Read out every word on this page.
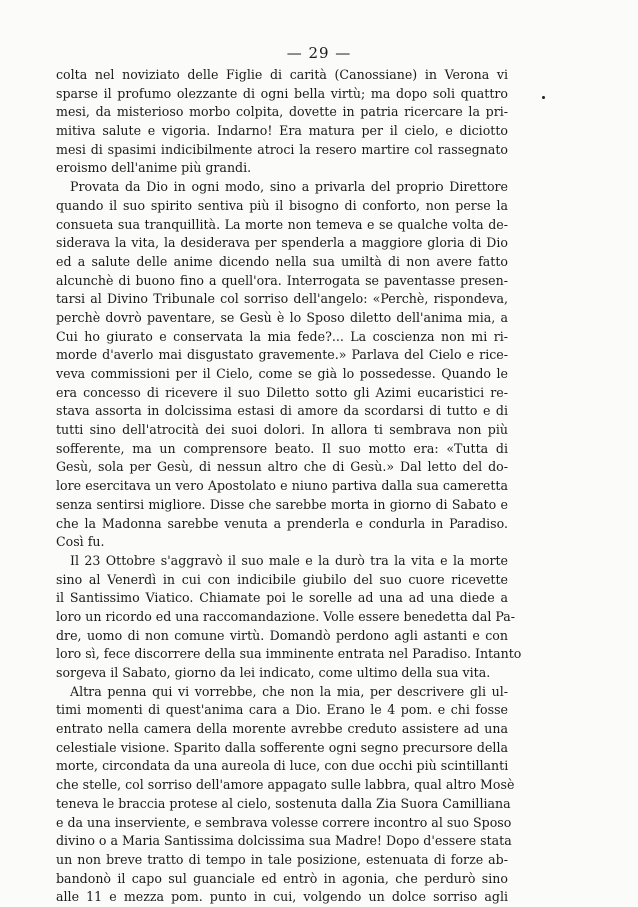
— 29 —
colta nel noviziato delle Figlie di carità (Canossiane) in Verona vi
sparse il profumo olezzante di ogni bella virtù; ma dopo soli quattro
mesi, da misterioso morbo colpita, dovette in patria ricercare la pri-
mitiva salute e vigoria. Indarno! Era matura per il cielo, e diciotto
mesi di spasimi indicibilmente atroci la resero martire col rassegnato
eroismo dell'anime più grandi.
Provata da Dio in ogni modo, sino a privarla del proprio Direttore
quando il suo spirito sentiva più il bisogno di conforto, non perse la
consueta sua tranquillità. La morte non temeva e se qualche volta de-
siderava la vita, la desiderava per spenderla a maggiore gloria di Dio
ed a salute delle anime dicendo nella sua umiltà di non avere fatto
alcunchè di buono fino a quell'ora. Interrogata se paventasse presen-
tarsi al Divino Tribunale col sorriso dell'angelo: «Perchè, rispondeva,
perchè dovrò paventare, se Gesù è lo Sposo diletto dell'anima mia, a
Cui ho giurato e conservata la mia fede?... La coscienza non mi ri-
morde d'averlo mai disgustato gravemente.» Parlava del Cielo e rice-
veva commissioni per il Cielo, come se già lo possedesse. Quando le
era concesso di ricevere il suo Diletto sotto gli Azimi eucaristici re-
stava assorta in dolcissima estasi di amore da scordarsi di tutto e di
tutti sino dell'atrocità dei suoi dolori. In allora ti sembrava non più
sofferente, ma un comprensore beato. Il suo motto era: «Tutta di
Gesù, sola per Gesù, di nessun altro che di Gesù.» Dal letto del do-
lore esercitava un vero Apostolato e niuno partiva dalla sua cameretta
senza sentirsi migliore. Disse che sarebbe morta in giorno di Sabato e
che la Madonna sarebbe venuta a prenderla e condurla in Paradiso.
Così fu.
Il 23 Ottobre s'aggravò il suo male e la durò tra la vita e la morte
sino al Venerdì in cui con indicibile giubilo del suo cuore ricevette
il Santissimo Viatico. Chiamate poi le sorelle ad una ad una diede a
loro un ricordo ed una raccomandazione. Volle essere benedetta dal Pa-
dre, uomo di non comune virtù. Domandò perdono agli astanti e con
loro sì, fece discorrere della sua imminente entrata nel Paradiso. Intanto
sorgeva il Sabato, giorno da lei indicato, come ultimo della sua vita.
Altra penna qui vi vorrebbe, che non la mia, per descrivere gli ul-
timi momenti di quest'anima cara a Dio. Erano le 4 pom. e chi fosse
entrato nella camera della morente avrebbe creduto assistere ad una
celestiale visione. Sparito dalla sofferente ogni segno precursore della
morte, circondata da una aureola di luce, con due occhi più scintillanti
che stelle, col sorriso dell'amore appagato sulle labbra, qual altro Mosè
teneva le braccia protese al cielo, sostenuta dalla Zia Suora Camilliana
e da una inserviente, e sembrava volesse correre incontro al suo Sposo
divino o a Maria Santissima dolcissima sua Madre! Dopo d'essere stata
un non breve tratto di tempo in tale posizione, estenuata di forze ab-
bandonò il capo sul guanciale ed entrò in agonia, che perdurò sino
alle 11 e mezza pom. punto in cui, volgendo un dolce sorriso agli
